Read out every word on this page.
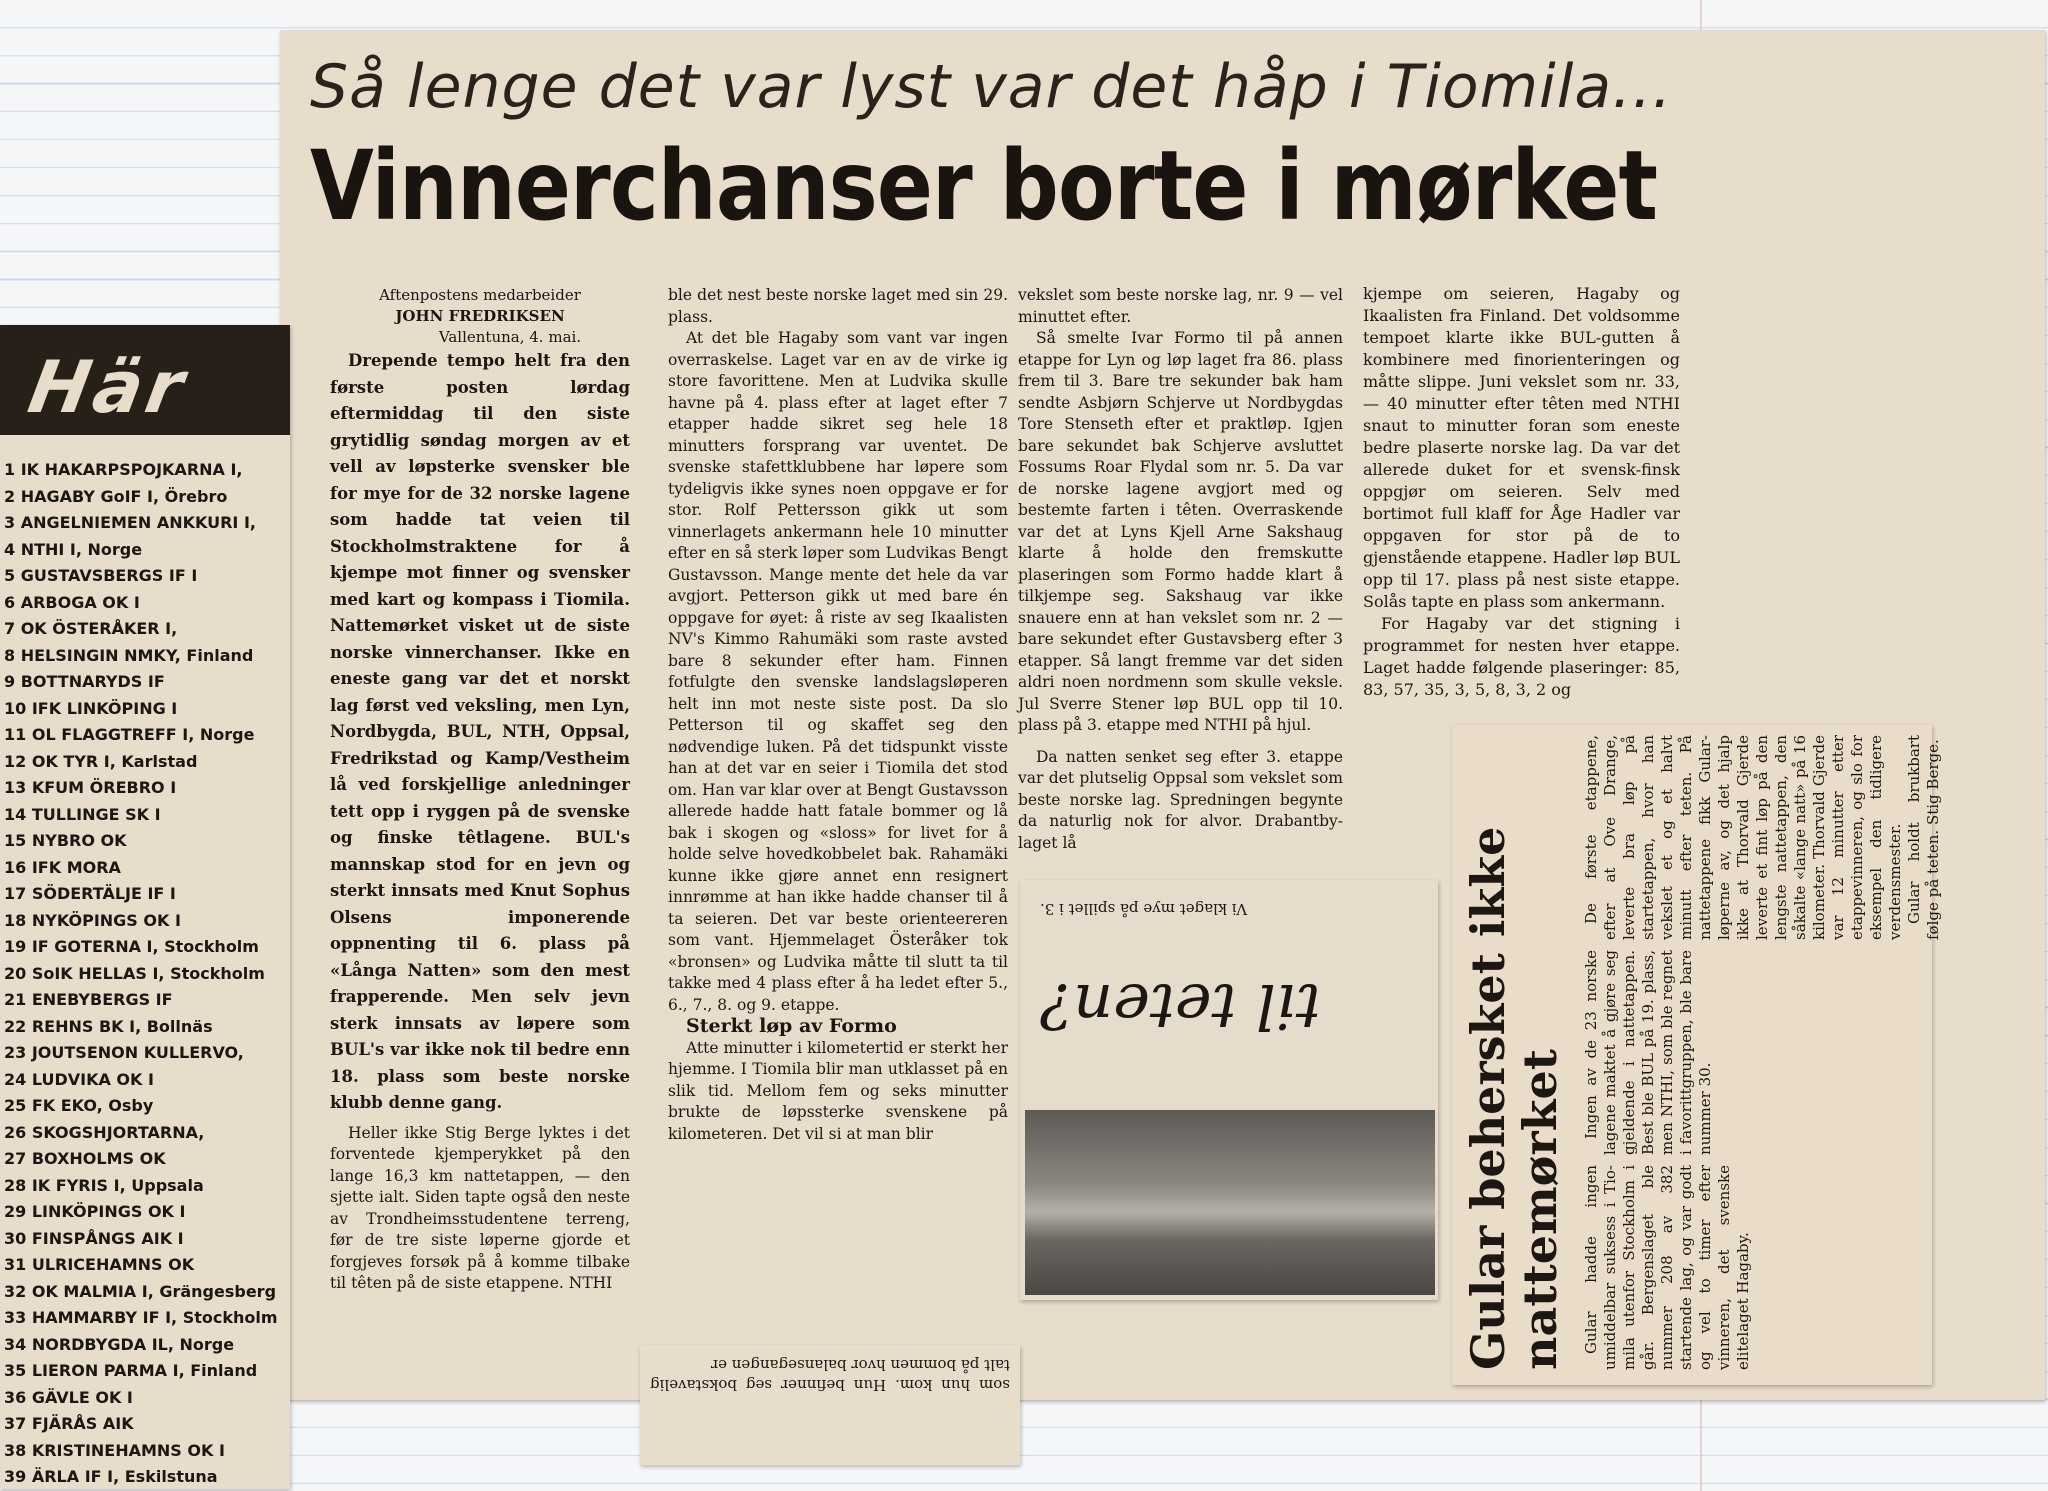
Så lenge det var lyst var det håp i Tiomila...
Vinnerchanser borte i mørket
Aftenpostens medarbeider
JOHN FREDRIKSEN
Vallentuna, 4. mai.

Drepende tempo helt fra den første posten lørdag eftermiddag til den siste grytidlig søndag morgen av et vell av løpsterke svensker ble for mye for de 32 norske lagene som hadde tat veien til Stockholmstraktene for å kjempe mot finner og svensker med kart og kompass i Tiomila. Nattemørket visket ut de siste norske vinnerchanser. Ikke en eneste gang var det et norskt lag først ved veksling, men Lyn, Nordbygda, BUL, NTH, Oppsal, Fredrikstad og Kamp/Vestheim lå ved forskjellige anledninger tett opp i ryggen på de svenske og finske têtlagene. BUL's mannskap stod for en jevn og sterkt innsats med Knut Sophus Olsens imponerende oppnenting til 6. plass på «Långa Natten» som den mest frapperende. Men selv jevn sterk innsats av løpere som BUL's var ikke nok til bedre enn 18. plass som beste norske klubb denne gang.

Heller ikke Stig Berge lyktes i det forventede kjemperykket på den lange 16,3 km nattetappen, — den sjette ialt. Siden tapte også den neste av Trondheimsstudentene terreng, før de tre siste løperne gjorde et forgjeves forsøk på å komme tilbake til têten på de siste etappene. NTHI

ble det nest beste norske laget med sin 29. plass.

At det ble Hagaby som vant var ingen overraskelse. Laget var en av de virke ig store favorittene. Men at Ludvika skulle havne på 4. plass efter at laget efter 7 etapper hadde sikret seg hele 18 minutters forsprang var uventet. De svenske stafettklubbene har løpere som tydeligvis ikke synes noen oppgave er for stor. Rolf Pettersson gikk ut som vinnerlagets ankermann hele 10 minutter efter en så sterk løper som Ludvikas Bengt Gustavsson. Mange mente det hele da var avgjort. Petterson gikk ut med bare én oppgave for øyet: å riste av seg Ikaalisten NV's Kimmo Rahumäki som raste avsted bare 8 sekunder efter ham. Finnen fotfulgte den svenske landslagsløperen helt inn mot neste siste post. Da slo Petterson til og skaffet seg den nødvendige luken. På det tidspunkt visste han at det var en seier i Tiomila det stod om. Han var klar over at Bengt Gustavsson allerede hadde hatt fatale bommer og lå bak i skogen og «sloss» for livet for å holde selve hovedkobbelet bak. Rahamäki kunne ikke gjøre annet enn resignert innrømme at han ikke hadde chanser til å ta seieren. Det var beste orienteereren som vant. Hjemmelaget Österåker tok «bronsen» og Ludvika måtte til slutt ta til takke med 4 plass efter å ha ledet efter 5., 6., 7., 8. og 9. etappe.

Sterkt løp av Formo

Atte minutter i kilometertid er sterkt her hjemme. I Tiomila blir man utklasset på en slik tid. Mellom fem og seks minutter brukte de løpssterke svenskene på kilometeren. Det vil si at man blir

vekslet som beste norske lag, nr. 9 — vel minuttet efter.

Så smelte Ivar Formo til på annen etappe for Lyn og løp laget fra 86. plass frem til 3. Bare tre sekunder bak ham sendte Asbjørn Schjerve ut Nordbygdas Tore Stenseth efter et praktløp. Igjen bare sekundet bak Schjerve avsluttet Fossums Roar Flydal som nr. 5. Da var de norske lagene avgjort med og bestemte farten i têten. Overraskende var det at Lyns Kjell Arne Sakshaug klarte å holde den fremskutte plaseringen som Formo hadde klart å tilkjempe seg. Sakshaug var ikke snauere enn at han vekslet som nr. 2 — bare sekundet efter Gustavsberg efter 3 etapper. Så langt fremme var det siden aldri noen nordmenn som skulle veksle. Jul Sverre Stener løp BUL opp til 10. plass på 3. etappe med NTHI på hjul.

Da natten senket seg efter 3. etappe var det plutselig Oppsal som vekslet som beste norske lag. Spredningen begynte da naturlig nok for alvor. Drabantby-laget lå

kjempe om seieren, Hagaby og Ikaalisten fra Finland. Det voldsomme tempoet klarte ikke BUL-gutten å kombinere med finorienteringen og måtte slippe. Juni vekslet som nr. 33, — 40 minutter efter têten med NTHI snaut to minutter foran som eneste bedre plaserte norske lag. Da var det allerede duket for et svensk-finsk oppgjør om seieren. Selv med bortimot full klaff for Åge Hadler var oppgaven for stor på de to gjenstående etappene. Hadler løp BUL opp til 17. plass på nest siste etappe. Solås tapte en plass som ankermann.

For Hagaby var det stigning i programmet for nesten hver etappe. Laget hadde følgende plaseringer: 85, 83, 57, 35, 3, 5, 8, 3, 2 og

Här
1 IK HAKARPSPOJKARNA I,
2 HAGABY GoIF I, Örebro
3 ANGELNIEMEN ANKKURI I,
4 NTHI I, Norge
5 GUSTAVSBERGS IF I
6 ARBOGA OK I
7 OK ÖSTERÅKER I,
8 HELSINGIN NMKY, Finland
9 BOTTNARYDS IF
10 IFK LINKÖPING I
11 OL FLAGGTREFF I, Norge
12 OK TYR I, Karlstad
13 KFUM ÖREBRO I
14 TULLINGE SK I
15 NYBRO OK
16 IFK MORA
17 SÖDERTÄLJE IF I
18 NYKÖPINGS OK I
19 IF GOTERNA I, Stockholm
20 SoIK HELLAS I, Stockholm
21 ENEBYBERGS IF
22 REHNS BK I, Bollnäs
23 JOUTSENON KULLERVO,
24 LUDVIKA OK I
25 FK EKO, Osby
26 SKOGSHJORTARNA,
27 BOXHOLMS OK
28 IK FYRIS I, Uppsala
29 LINKÖPINGS OK I
30 FINSPÅNGS AIK I
31 ULRICEHAMNS OK
32 OK MALMIA I, Grängesberg
33 HAMMARBY IF I, Stockholm
34 NORDBYGDA IL, Norge
35 LIERON PARMA I, Finland
36 GÄVLE OK I
37 FJÄRÅS AIK
38 KRISTINEHAMNS OK I
39 ÄRLA IF I, Eskilstuna
Vi klaget mye på spillet i 3.
til teten?
som hun kom. Hun befinner seg bokstavelig talt på bommen hvor balansegangen er	Gular behersket ikke nattemørket Gular hadde ingen umiddelbar suksess i Tio-mila utenfor Stockholm i går. Bergenslaget ble nummer 208 av 382 startende lag, og var godt og vel to timer efter vinneren, det svenske elitelaget Hagaby.

Ingen av de 23 norske lagene maktet å gjøre seg gjeldende i nattetappen. Best ble BUL på 19. plass, men NTHI, som ble regnet i favorittgruppen, ble bare nummer 30.

De første etappene, efter at Ove Drange, leverte bra løp på startetappen, hvor han vekslet et og et halvt minutt efter teten. På nattetappene fikk Gular-løperne av, og det hjalp ikke at Thorvald Gjerde leverte et fint løp på den lengste nattetappen, den såkalte «lange natt» på 16 kilometer. Thorvald Gjerde var 12 minutter etter etappevinneren, og slo for eksempel den tidligere verdensmester. Gular holdt brukbart følge på teten. Stig Berge.
